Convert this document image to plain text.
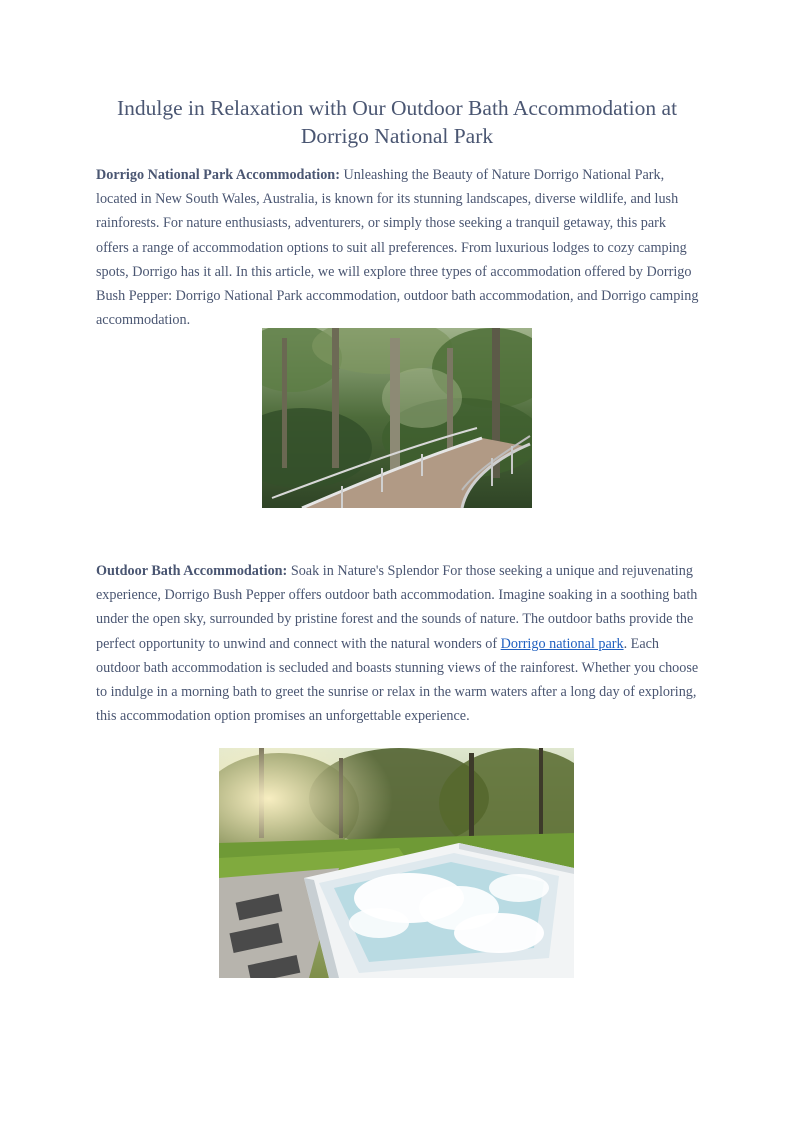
Indulge in Relaxation with Our Outdoor Bath Accommodation at Dorrigo National Park

Dorrigo National Park Accommodation: Unleashing the Beauty of Nature Dorrigo National Park, located in New South Wales, Australia, is known for its stunning landscapes, diverse wildlife, and lush rainforests. For nature enthusiasts, adventurers, or simply those seeking a tranquil getaway, this park offers a range of accommodation options to suit all preferences. From luxurious lodges to cozy camping spots, Dorrigo has it all. In this article, we will explore three types of accommodation offered by Dorrigo Bush Pepper: Dorrigo National Park accommodation, outdoor bath accommodation, and Dorrigo camping accommodation.

Outdoor Bath Accommodation: Soak in Nature's Splendor For those seeking a unique and rejuvenating experience, Dorrigo Bush Pepper offers outdoor bath accommodation. Imagine soaking in a soothing bath under the open sky, surrounded by pristine forest and the sounds of nature. The outdoor baths provide the perfect opportunity to unwind and connect with the natural wonders of Dorrigo national park. Each outdoor bath accommodation is secluded and boasts stunning views of the rainforest. Whether you choose to indulge in a morning bath to greet the sunrise or relax in the warm waters after a long day of exploring, this accommodation option promises an unforgettable experience.
